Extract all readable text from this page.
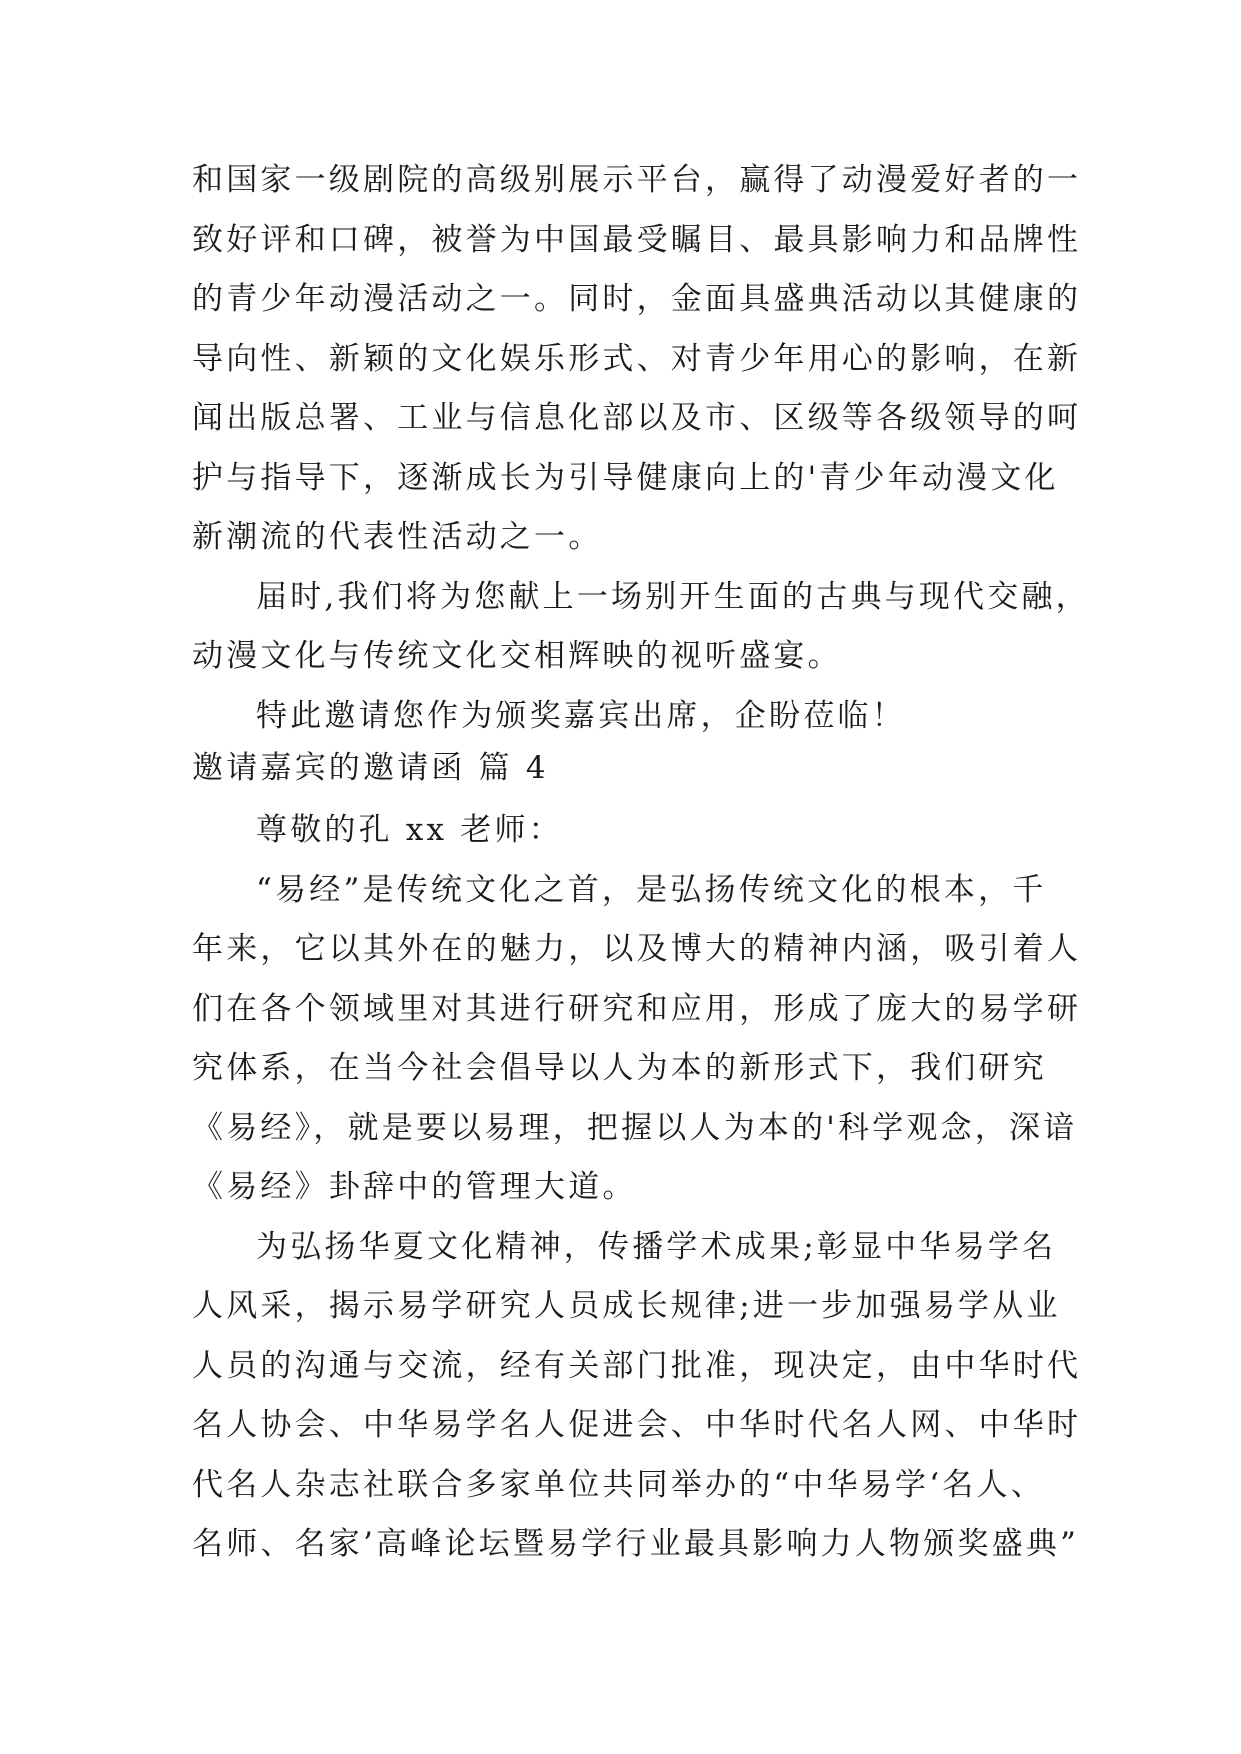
和国家一级剧院的高级别展示平台，赢得了动漫爱好者的一
致好评和口碑，被誉为中国最受瞩目、最具影响力和品牌性
的青少年动漫活动之一。同时，金面具盛典活动以其健康的
导向性、新颖的文化娱乐形式、对青少年用心的影响，在新
闻出版总署、工业与信息化部以及市、区级等各级领导的呵
护与指导下，逐渐成长为引导健康向上的'青少年动漫文化
新潮流的代表性活动之一。
届时,我们将为您献上一场别开生面的古典与现代交融，
动漫文化与传统文化交相辉映的视听盛宴。
特此邀请您作为颁奖嘉宾出席，企盼莅临！
邀请嘉宾的邀请函 篇 4
尊敬的孔 xx 老师：
“易经”是传统文化之首，是弘扬传统文化的根本，千
年来，它以其外在的魅力，以及博大的精神内涵，吸引着人
们在各个领域里对其进行研究和应用，形成了庞大的易学研
究体系，在当今社会倡导以人为本的新形式下，我们研究
《易经》，就是要以易理，把握以人为本的'科学观念，深谙
《易经》卦辞中的管理大道。
为弘扬华夏文化精神，传播学术成果;彰显中华易学名
人风采，揭示易学研究人员成长规律;进一步加强易学从业
人员的沟通与交流，经有关部门批准，现决定，由中华时代
名人协会、中华易学名人促进会、中华时代名人网、中华时
代名人杂志社联合多家单位共同举办的“中华易学‘名人、
名师、名家’高峰论坛暨易学行业最具影响力人物颁奖盛典”
